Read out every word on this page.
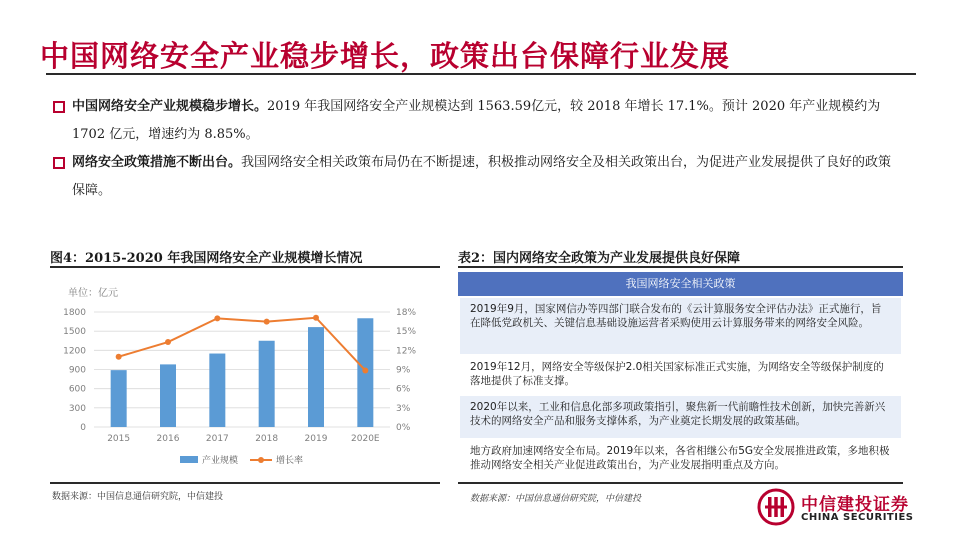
中国网络安全产业稳步增长，政策出台保障行业发展
中国网络安全产业规模稳步增长。2019 年我国网络安全产业规模达到 1563.59亿元，较 2018 年增长 17.1%。预计 2020 年产业规模约为 1702 亿元，增速约为 8.85%。
网络安全政策措施不断出台。我国网络安全相关政策布局仍在不断提速，积极推动网络安全及相关政策出台，为促进产业发展提供了良好的政策保障。
图4：2015-2020 年我国网络安全产业规模增长情况
单位：亿元
0	0%
300	3%
600	6%
900	9%
1200	12%
1500	15%
1800	18%
2015	2016	2017	2018	2019	2020E
产业规模	增长率
数据来源：中国信息通信研究院，中信建投
表2：国内网络安全政策为产业发展提供良好保障
我国网络安全相关政策
2019年9月，国家网信办等四部门联合发布的《云计算服务安全评估办法》正式施行，旨在降低党政机关、关键信息基础设施运营者采购使用云计算服务带来的网络安全风险。
2019年12月，网络安全等级保护2.0相关国家标准正式实施，为网络安全等级保护制度的落地提供了标准支撑。
2020年以来，工业和信息化部多项政策指引，聚焦新一代前瞻性技术创新，加快完善新兴技术的网络安全产品和服务支撑体系，为产业奠定长期发展的政策基础。
地方政府加速网络安全布局。2019年以来，各省相继公布5G安全发展推进政策，多地积极推动网络安全相关产业促进政策出台，为产业发展指明重点及方向。
数据来源：中国信息通信研究院，中信建投	中信建投证券
CHINA SECURITIES
